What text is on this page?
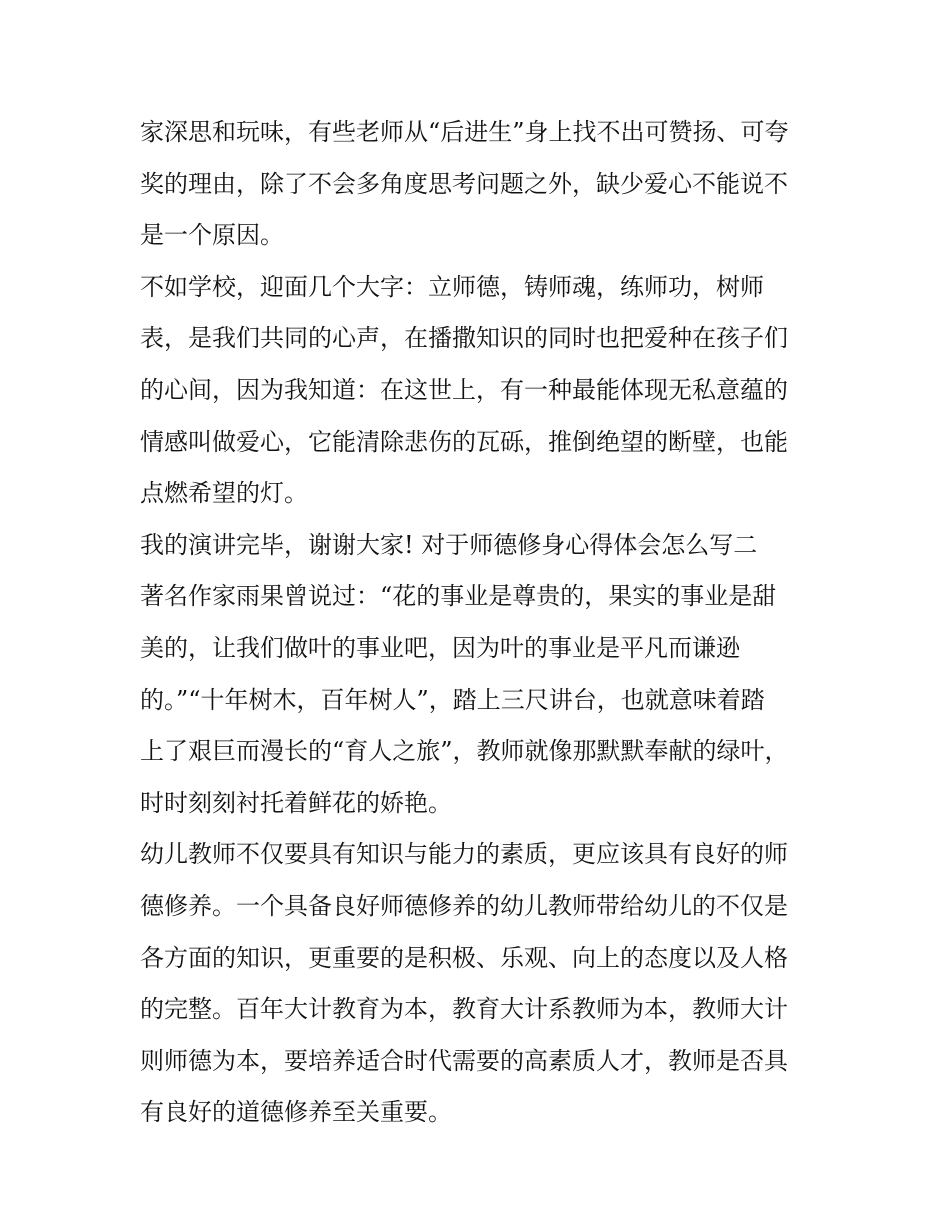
家深思和玩味，有些老师从“后进生”身上找不出可赞扬、可夸
奖的理由，除了不会多角度思考问题之外，缺少爱心不能说不
是一个原因。
不如学校，迎面几个大字：立师德，铸师魂，练师功，树师
表，是我们共同的心声，在播撒知识的同时也把爱种在孩子们
的心间，因为我知道：在这世上，有一种最能体现无私意蕴的
情感叫做爱心，它能清除悲伤的瓦砾，推倒绝望的断壁，也能
点燃希望的灯。
我的演讲完毕，谢谢大家! 对于师德修身心得体会怎么写二
著名作家雨果曾说过：“花的事业是尊贵的，果实的事业是甜
美的，让我们做叶的事业吧，因为叶的事业是平凡而谦逊
的。”“十年树木，百年树人”，踏上三尺讲台，也就意味着踏
上了艰巨而漫长的“育人之旅”，教师就像那默默奉献的绿叶，
时时刻刻衬托着鲜花的娇艳。
幼儿教师不仅要具有知识与能力的素质，更应该具有良好的师
德修养。一个具备良好师德修养的幼儿教师带给幼儿的不仅是
各方面的知识，更重要的是积极、乐观、向上的态度以及人格
的完整。百年大计教育为本，教育大计系教师为本，教师大计
则师德为本，要培养适合时代需要的高素质人才，教师是否具
有良好的道德修养至关重要。
